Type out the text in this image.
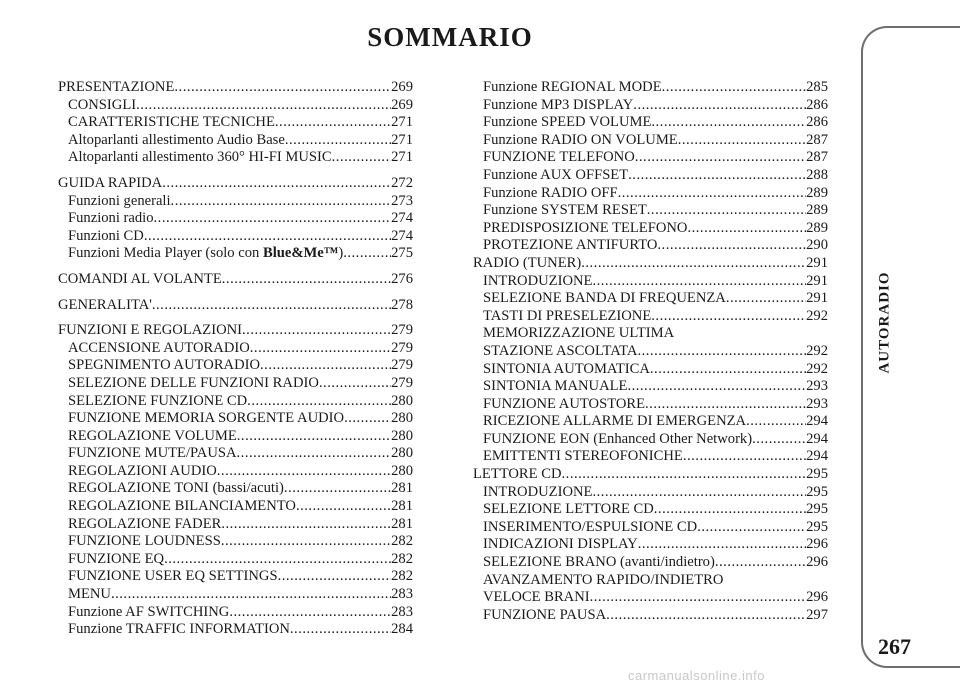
SOMMARIO
PRESENTAZIONE .....	269
CONSIGLI .....	269
CARATTERISTICHE TECNICHE .....	271
Altoparlanti allestimento Audio Base .....	271
Altoparlanti allestimento 360° HI-FI MUSIC .....	271
GUIDA RAPIDA .....	272
Funzioni generali .....	273
Funzioni radio .....	274
Funzioni CD .....	274
Funzioni Media Player (solo con Blue&Me™) .....	275
COMANDI AL VOLANTE .....	276
GENERALITA' .....	278
FUNZIONI E REGOLAZIONI .....	279
ACCENSIONE AUTORADIO .....	279
SPEGNIMENTO AUTORADIO .....	279
SELEZIONE DELLE FUNZIONI RADIO .....	279
SELEZIONE FUNZIONE CD .....	280
FUNZIONE MEMORIA SORGENTE AUDIO .....	280
REGOLAZIONE VOLUME .....	280
FUNZIONE MUTE/PAUSA .....	280
REGOLAZIONI AUDIO .....	280
REGOLAZIONE TONI (bassi/acuti) .....	281
REGOLAZIONE BILANCIAMENTO .....	281
REGOLAZIONE FADER .....	281
FUNZIONE LOUDNESS .....	282
FUNZIONE EQ .....	282
FUNZIONE USER EQ SETTINGS .....	282
MENU .....	283
Funzione AF SWITCHING .....	283
Funzione TRAFFIC INFORMATION .....	284
Funzione REGIONAL MODE .....	285
Funzione MP3 DISPLAY .....	286
Funzione SPEED VOLUME .....	286
Funzione RADIO ON VOLUME .....	287
FUNZIONE TELEFONO .....	287
Funzione AUX OFFSET .....	288
Funzione RADIO OFF .....	289
Funzione SYSTEM RESET .....	289
PREDISPOSIZIONE TELEFONO .....	289
PROTEZIONE ANTIFURTO .....	290
RADIO (TUNER) .....	291
INTRODUZIONE .....	291
SELEZIONE BANDA DI FREQUENZA .....	291
TASTI DI PRESELEZIONE .....	292
MEMORIZZAZIONE ULTIMA
STAZIONE ASCOLTATA .....	292
SINTONIA AUTOMATICA .....	292
SINTONIA MANUALE .....	293
FUNZIONE AUTOSTORE .....	293
RICEZIONE ALLARME DI EMERGENZA .....	294
FUNZIONE EON (Enhanced Other Network) .....	294
EMITTENTI STEREOFONICHE .....	294
LETTORE CD .....	295
INTRODUZIONE .....	295
SELEZIONE LETTORE CD .....	295
INSERIMENTO/ESPULSIONE CD .....	295
INDICAZIONI DISPLAY .....	296
SELEZIONE BRANO (avanti/indietro) .....	296
AVANZAMENTO RAPIDO/INDIETRO
VELOCE BRANI .....	296
FUNZIONE PAUSA .....	297
AUTORADIO
267
carmanualsonline.info
